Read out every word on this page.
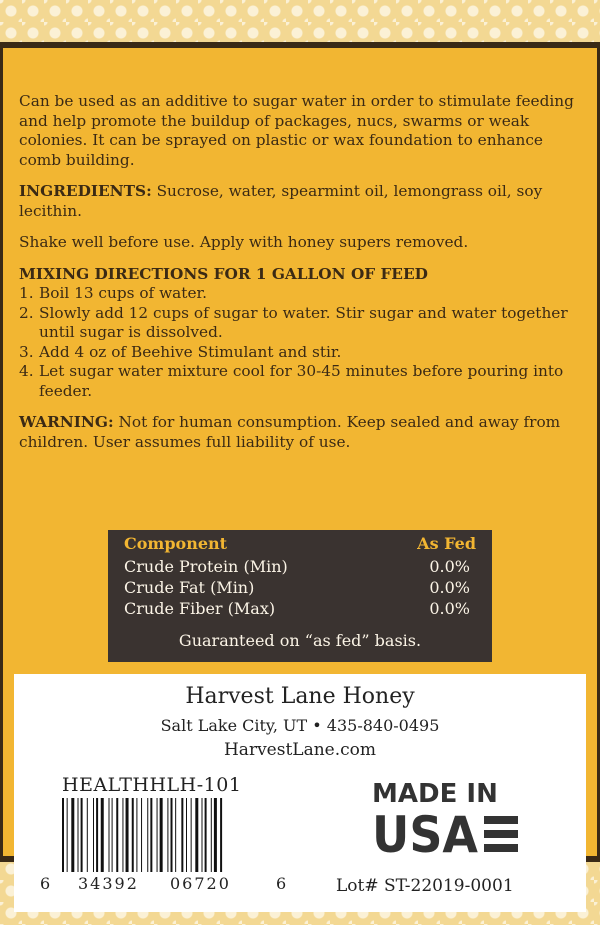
Can be used as an additive to sugar water in order to stimulate feeding and help promote the buildup of packages, nucs, swarms or weak colonies. It can be sprayed on plastic or wax foundation to enhance comb building.

INGREDIENTS: Sucrose, water, spearmint oil, lemongrass oil, soy lecithin.

Shake well before use. Apply with honey supers removed.

MIXING DIRECTIONS FOR 1 GALLON OF FEED
1. Boil 13 cups of water.
2. Slowly add 12 cups of sugar to water. Stir sugar and water together until sugar is dissolved.
3. Add 4 oz of Beehive Stimulant and stir.
4. Let sugar water mixture cool for 30-45 minutes before pouring into feeder.

WARNING: Not for human consumption. Keep sealed and away from children. User assumes full liability of use.

Component	As Fed
Crude Protein (Min)	0.0%
Crude Fat (Min)	0.0%
Crude Fiber (Max)	0.0%
Guaranteed on “as fed” basis.
Harvest Lane Honey
Salt Lake City, UT • 435-840-0495
HarvestLane.com
HEALTHHLH-101
6 34392 06720	6
MADE IN
USA
Lot# ST-22019-0001
